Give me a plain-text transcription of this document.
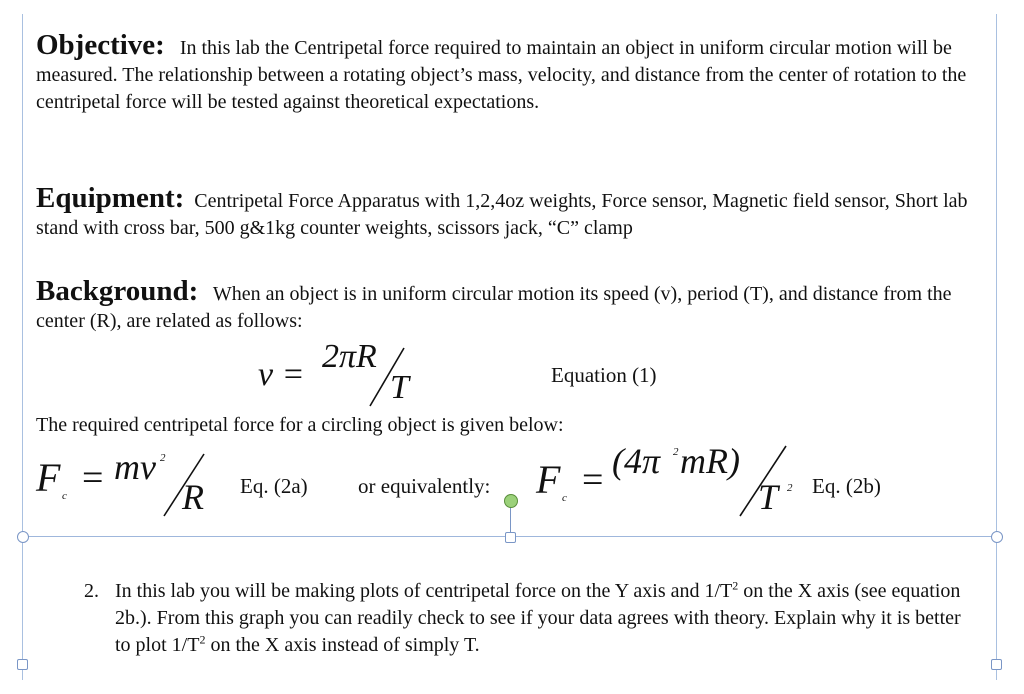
Objective: In this lab the Centripetal force required to maintain an object in uniform circular motion will be measured. The relationship between a rotating object’s mass, velocity, and distance from the center of rotation to the centripetal force will be tested against theoretical expectations.
Equipment: Centripetal Force Apparatus with 1,2,4oz weights, Force sensor, Magnetic field sensor, Short lab stand with cross bar, 500 g&1kg counter weights, scissors jack, “C” clamp
Background: When an object is in uniform circular motion its speed (v), period (T), and distance from the center (R), are related as follows:
v = 2πR
T	Equation (1)
The required centripetal force for a circling object is given below:
F c = mv 2
R Eq. (2a) or equivalently: F c = (4π 2 mR)
T 2 Eq. (2b)
2. In this lab you will be making plots of centripetal force on the Y axis and $1/T^2$ on the X axis (see equation 2b.). From this graph you can readily check to see if your data agrees with theory. Explain why it is better to plot $1/T^2$ on the X axis instead of simply T.
